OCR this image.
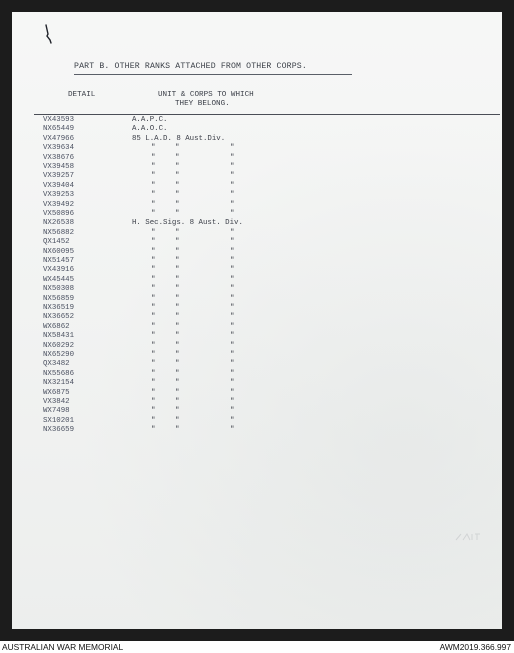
PART B. OTHER RANKS ATTACHED FROM OTHER CORPS.
DETAIL	UNIT & CORPS TO WHICH
THEY BELONG.
VX43593	A.A.P.C.
NX65449	A.A.O.C.
VX47966	85 L.A.D. 8 Aust.Div.
VX39634	"	"	"
VX38676	"	"	"
VX39458	"	"	"
VX39257	"	"	"
VX39404	"	"	"
VX39253	"	"	"
VX39492	"	"	"
VX50896	"	"	"
NX26538	H. Sec.Sigs. 8 Aust. Div.
NX56882	"	"	"
QX1452	"	"	"
NX60095	"	"	"
NX51457	"	"	"
VX43916	"	"	"
WX45445	"	"	"
NX50308	"	"	"
NX56859	"	"	"
NX36519	"	"	"
NX36652	"	"	"
WX6862	"	"	"
NX58431	"	"	"
NX60292	"	"	"
NX65290	"	"	"
QX3482	"	"	"
NX55686	"	"	"
NX32154	"	"	"
WX6875	"	"	"
VX3842	"	"	"
WX7498	"	"	"
SX10201	"	"	"
NX36659	"	"	"
AUSTRALIAN WAR MEMORIAL	AWM2019.366.997
